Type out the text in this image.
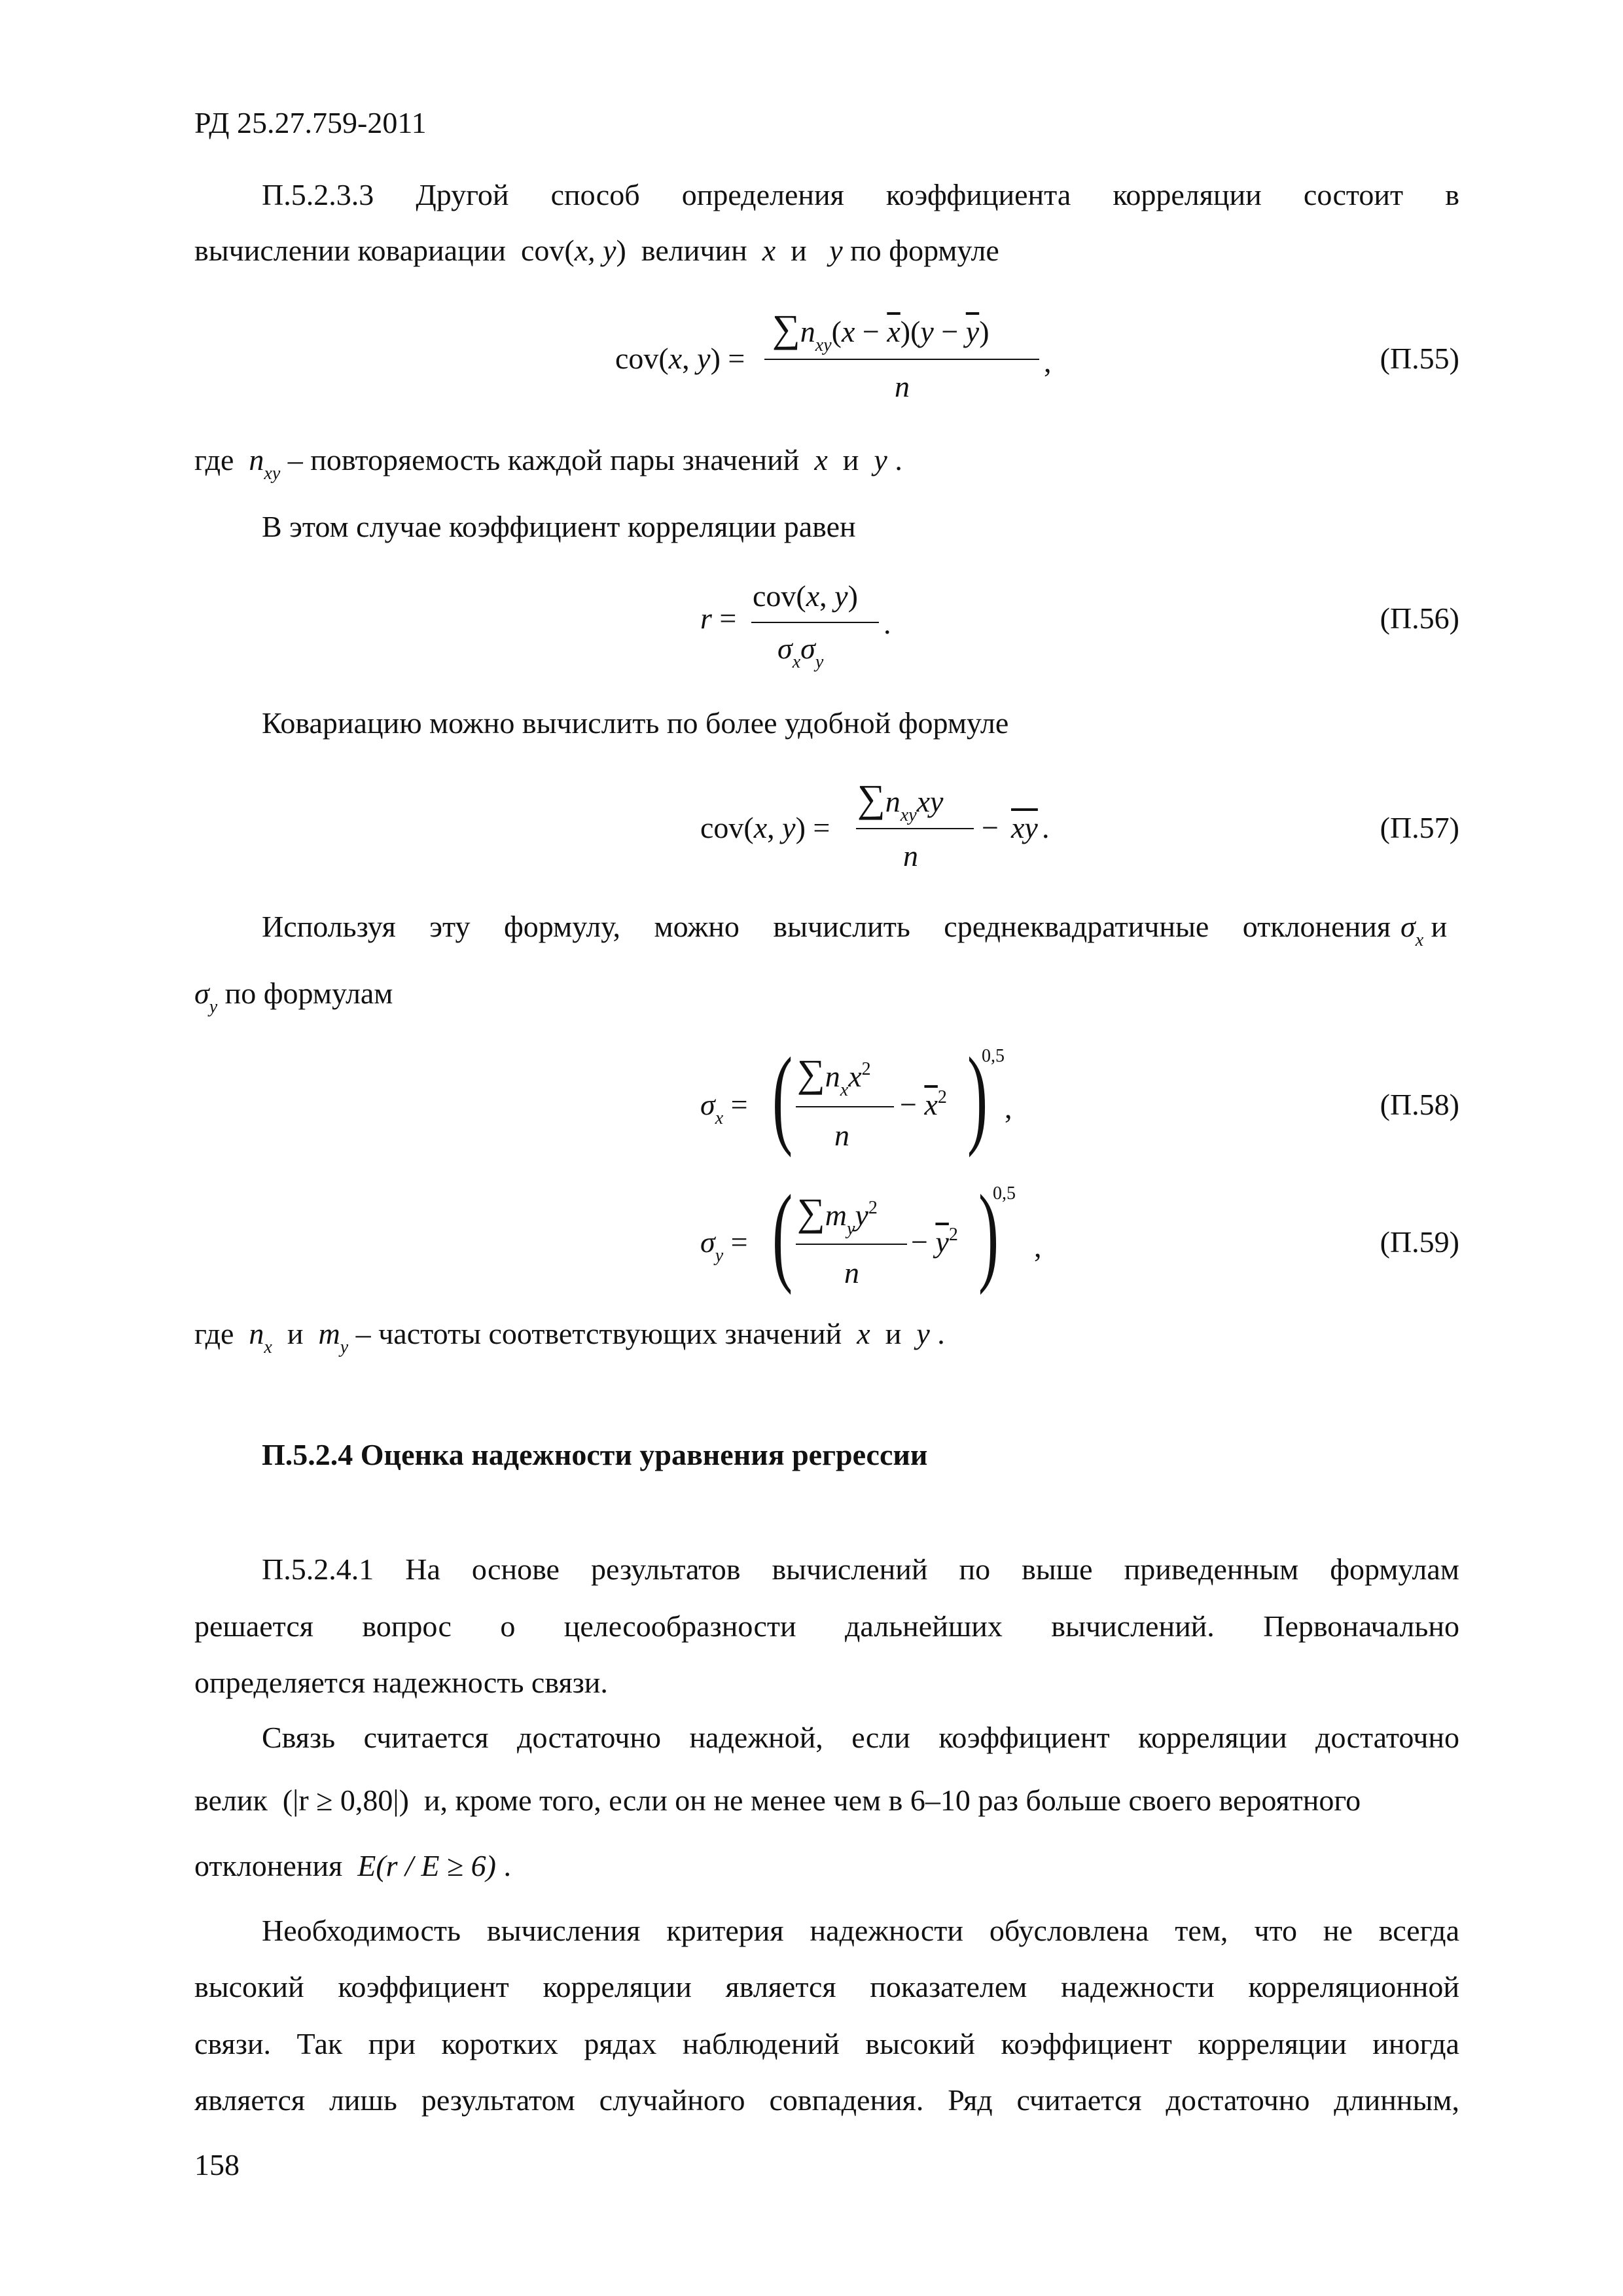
РД 25.27.759-2011
П.5.2.3.3 Другой способ определения коэффициента корреляции состоит в
вычислении ковариации cov(x, y) величин x  и   y по формуле
cov(x, y) =
$\sum n_{xy}(x - \overline{x})(y - \overline{y})$
n
,	(П.55)
где $n_{xy}$ – повторяемость каждой пары значений x и y .
В этом случае коэффициент корреляции равен
r =
cov(x, y)
$\sigma_x\sigma_y$
.	(П.56)
Ковариацию можно вычислить по более удобной формуле
cov(x, y) =
$\sum n_{xy}xy$
n
− $\overline{xy}$ .	(П.57)
Используя эту формулу, можно вычислить среднеквадратичные отклонения $\sigma_x$ и
$\sigma_y$ по формулам
$\sigma_x$ = ( $\sum n_xx^2$
n
− $\overline{x}^2$ )
0,5
,	(П.58)
$\sigma_y$ = ( $\sum m_yy^2$
n
− $\overline{y}^2$ )
0,5
,	(П.59)
где $n_x$ и $m_y$ – частоты соответствующих значений x и y .
П.5.2.4 Оценка надежности уравнения регрессии
П.5.2.4.1 На основе результатов вычислений по выше приведенным формулам
решается вопрос о целесообразности дальнейших вычислений. Первоначально
определяется надежность связи.
Связь считается достаточно надежной, если коэффициент корреляции достаточно
велик (|r ≥ 0,80|) и, кроме того, если он не менее чем в 6–10 раз больше своего вероятного
отклонения E(r / E ≥ 6) .
Необходимость вычисления критерия надежности обусловлена тем, что не всегда
высокий коэффициент корреляции является показателем надежности корреляционной
связи. Так при коротких рядах наблюдений высокий коэффициент корреляции иногда
является лишь результатом случайного совпадения. Ряд считается достаточно длинным,
158
